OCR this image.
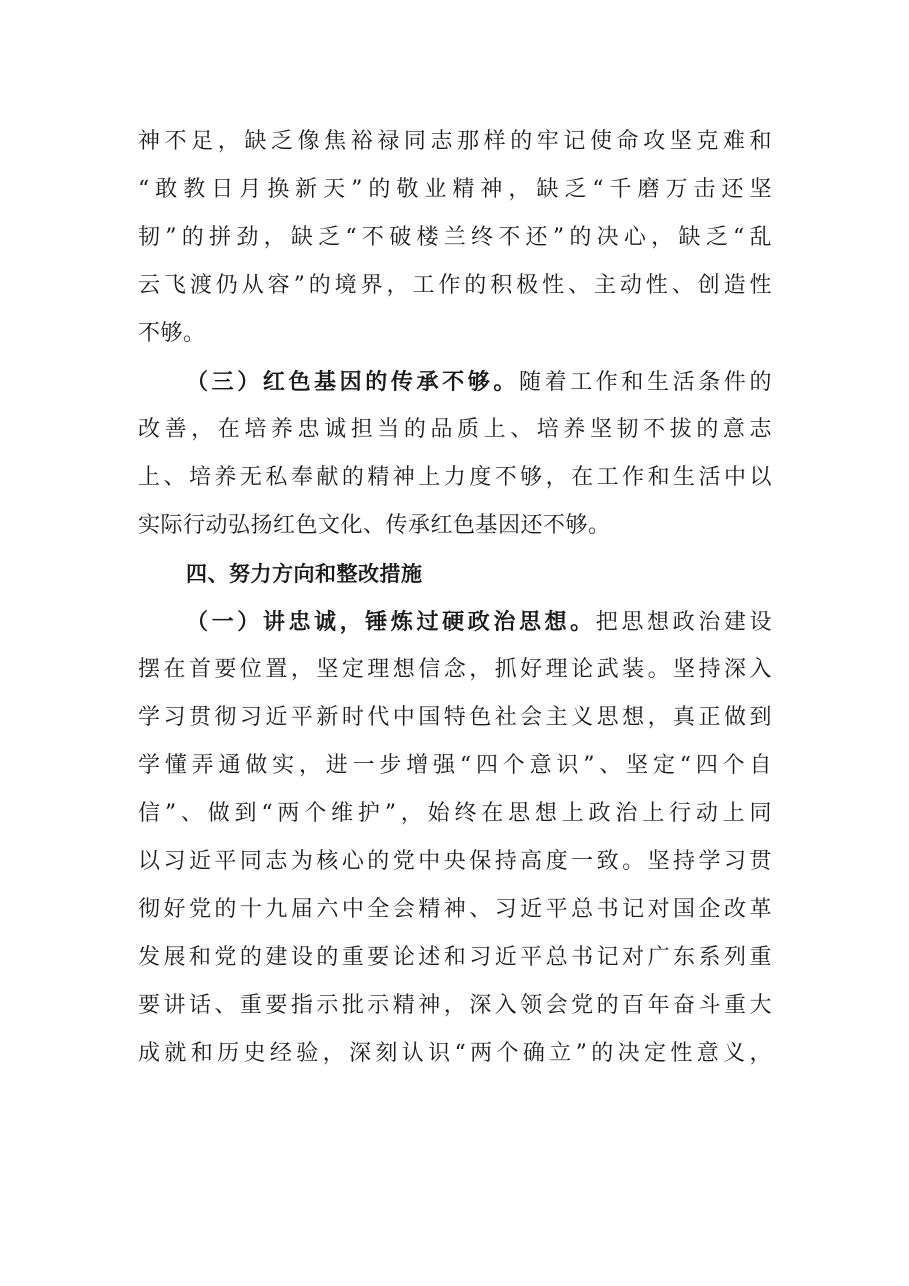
神不足，缺乏像焦裕禄同志那样的牢记使命攻坚克难和
“敢教日月换新天”的敬业精神，缺乏“千磨万击还坚
韧”的拼劲，缺乏“不破楼兰终不还”的决心，缺乏“乱
云飞渡仍从容”的境界，工作的积极性、主动性、创造性
不够。
（三）红色基因的传承不够。随着工作和生活条件的
改善，在培养忠诚担当的品质上、培养坚韧不拔的意志
上、培养无私奉献的精神上力度不够，在工作和生活中以
实际行动弘扬红色文化、传承红色基因还不够。
四、努力方向和整改措施
（一）讲忠诚，锤炼过硬政治思想。把思想政治建设
摆在首要位置，坚定理想信念，抓好理论武装。坚持深入
学习贯彻习近平新时代中国特色社会主义思想，真正做到
学懂弄通做实，进一步增强“四个意识”、坚定“四个自
信”、做到“两个维护”，始终在思想上政治上行动上同
以习近平同志为核心的党中央保持高度一致。坚持学习贯
彻好党的十九届六中全会精神、习近平总书记对国企改革
发展和党的建设的重要论述和习近平总书记对广东系列重
要讲话、重要指示批示精神，深入领会党的百年奋斗重大
成就和历史经验，深刻认识“两个确立”的决定性意义，
